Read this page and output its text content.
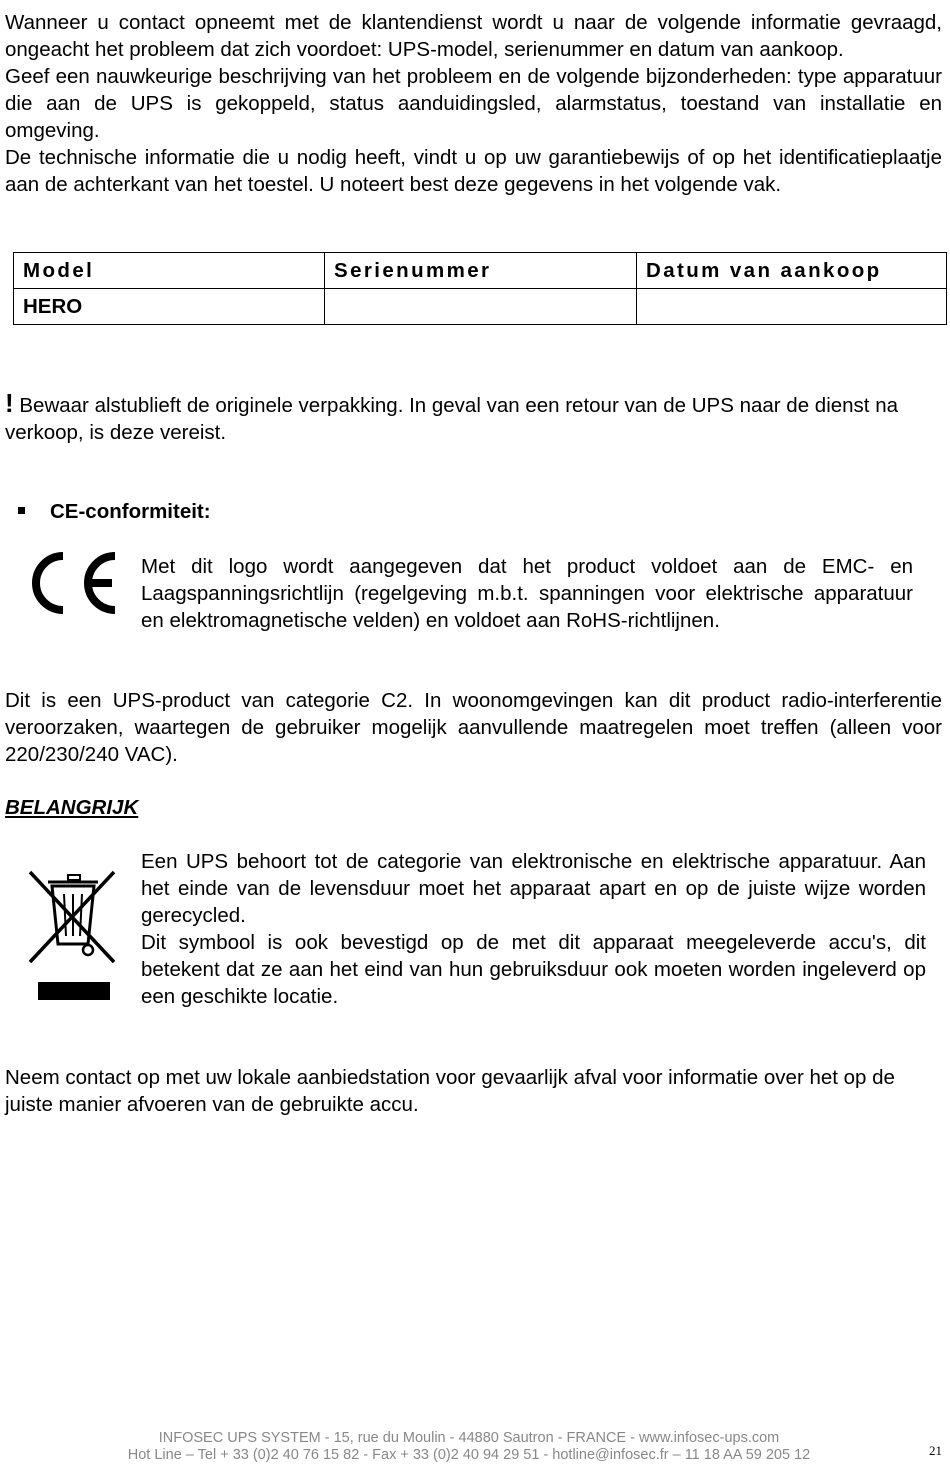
Wanneer u contact opneemt met de klantendienst wordt u naar de volgende informatie gevraagd, ongeacht het probleem dat zich voordoet: UPS-model, serienummer en datum van aankoop.

Geef een nauwkeurige beschrijving van het probleem en de volgende bijzonderheden: type apparatuur die aan de UPS is gekoppeld, status aanduidingsled, alarmstatus, toestand van installatie en omgeving.

De technische informatie die u nodig heeft, vindt u op uw garantiebewijs of op het identificatieplaatje aan de achterkant van het toestel. U noteert best deze gegevens in het volgende vak.

Model	Serienummer	Datum van aankoop
HERO		

! Bewaar alstublieft de originele verpakking. In geval van een retour van de UPS naar de dienst na verkoop, is deze vereist.

CE-conformiteit:

Met dit logo wordt aangegeven dat het product voldoet aan de EMC- en Laagspanningsrichtlijn (regelgeving m.b.t. spanningen voor elektrische apparatuur en elektromagnetische velden) en voldoet aan RoHS-richtlijnen.

Dit is een UPS-product van categorie C2. In woonomgevingen kan dit product radio-interferentie veroorzaken, waartegen de gebruiker mogelijk aanvullende maatregelen moet treffen (alleen voor 220/230/240 VAC).

BELANGRIJK

Een UPS behoort tot de categorie van elektronische en elektrische apparatuur. Aan het einde van de levensduur moet het apparaat apart en op de juiste wijze worden gerecycled.

Dit symbool is ook bevestigd op de met dit apparaat meegeleverde accu's, dit betekent dat ze aan het eind van hun gebruiksduur ook moeten worden ingeleverd op een geschikte locatie.

Neem contact op met uw lokale aanbiedstation voor gevaarlijk afval voor informatie over het op de juiste manier afvoeren van de gebruikte accu.

INFOSEC UPS SYSTEM - 15, rue du Moulin - 44880 Sautron - FRANCE - www.infosec-ups.com
Hot Line – Tel + 33 (0)2 40 76 15 82 - Fax + 33 (0)2 40 94 29 51 - hotline@infosec.fr – 11 18 AA 59 205 12	21
